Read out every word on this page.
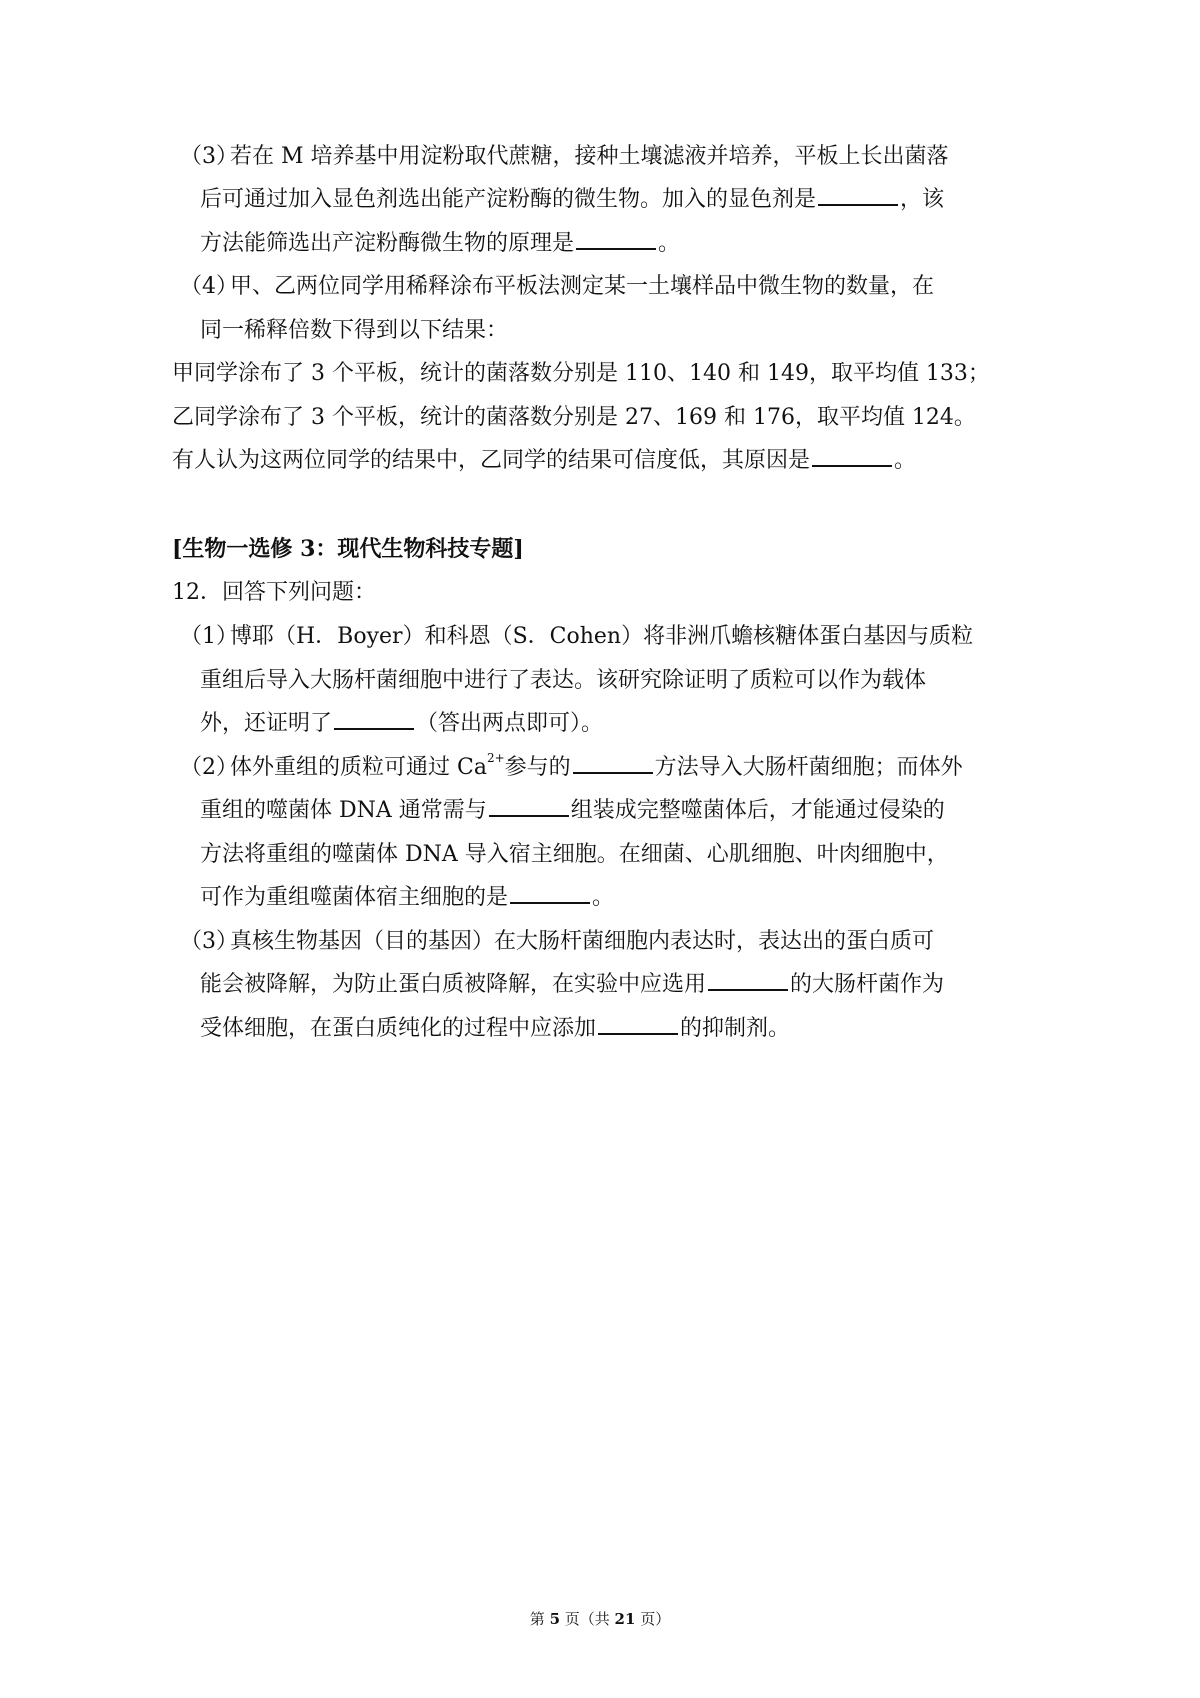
（3）
若在 M 培养基中用淀粉取代蔗糖，接种土壤滤液并培养，平板上长出菌落
后可通过加入显色剂选出能产淀粉酶的微生物。加入的显色剂是	，该
方法能筛选出产淀粉酶微生物的原理是	。
（4）
甲、乙两位同学用稀释涂布平板法测定某一土壤样品中微生物的数量，在
同一稀释倍数下得到以下结果：
甲同学涂布了 3 个平板，统计的菌落数分别是 110、140 和 149，取平均值 133；
乙同学涂布了 3 个平板，统计的菌落数分别是 27、169 和 176，取平均值 124。
有人认为这两位同学的结果中，乙同学的结果可信度低，其原因是	。
[生物一选修 3：现代生物科技专题]
12．回答下列问题：
（1）
博耶（H．Boyer）和科恩（S．Cohen）将非洲爪蟾核糖体蛋白基因与质粒
重组后导入大肠杆菌细胞中进行了表达。该研究除证明了质粒可以作为载体
外，还证明了	（答出两点即可）。
（2）
体外重组的质粒可通过 $Ca^{2+}$参与的	方法导入大肠杆菌细胞；而体外
重组的噬菌体 DNA 通常需与	组装成完整噬菌体后，才能通过侵染的
方法将重组的噬菌体 DNA 导入宿主细胞。在细菌、心肌细胞、叶肉细胞中，
可作为重组噬菌体宿主细胞的是	。
（3）
真核生物基因（目的基因）在大肠杆菌细胞内表达时，表达出的蛋白质可
能会被降解，为防止蛋白质被降解，在实验中应选用	的大肠杆菌作为
受体细胞，在蛋白质纯化的过程中应添加	的抑制剂。
第 5 页（共 21 页）
